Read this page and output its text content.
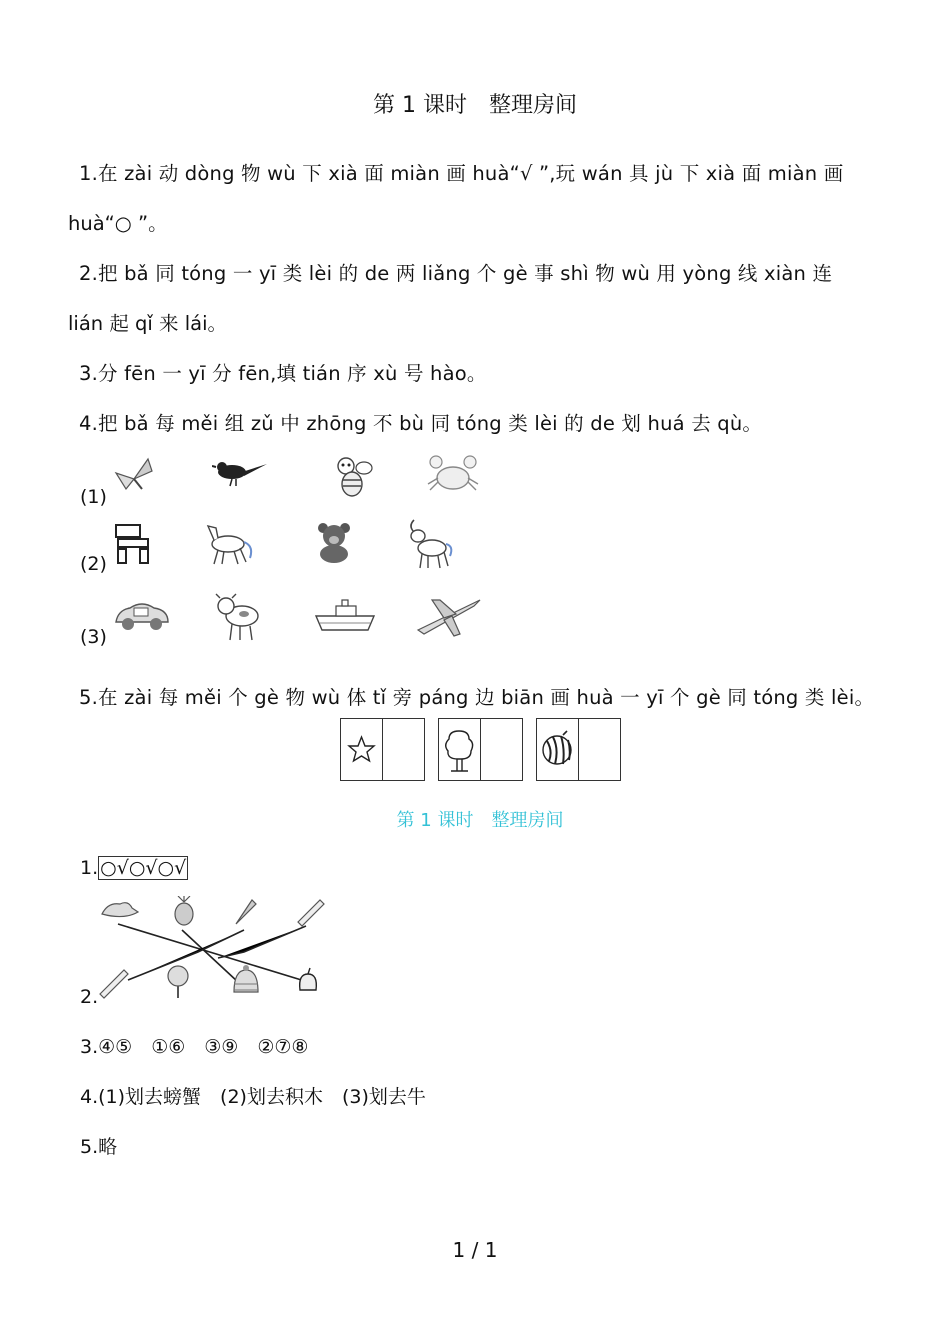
第 1 课时　整理房间
1.在 zài 动 dòng 物 wù 下 xià 面 miàn 画 huà“√ ”,玩 wán 具 jù 下 xià 面 miàn 画
huà“○ ”。
2.把 bǎ 同 tóng 一 yī 类 lèi 的 de 两 liǎng 个 gè 事 shì 物 wù 用 yòng 线 xiàn 连
lián 起 qǐ 来 lái。
3.分 fēn 一 yī 分 fēn,填 tián 序 xù 号 hào。
4.把 bǎ 每 měi 组 zǔ 中 zhōng 不 bù 同 tóng 类 lèi 的 de 划 huá 去 qù。
(1)
(2)
(3)
5.在 zài 每 měi 个 gè 物 wù 体 tǐ 旁 páng 边 biān 画 huà 一 yī 个 gè 同 tóng 类 lèi。
第 1 课时　整理房间
1. ○√○√○√
2.
3.④⑤　①⑥　③⑨　②⑦⑧
4.(1)划去螃蟹　(2)划去积木　(3)划去牛
5.略
1 / 1
